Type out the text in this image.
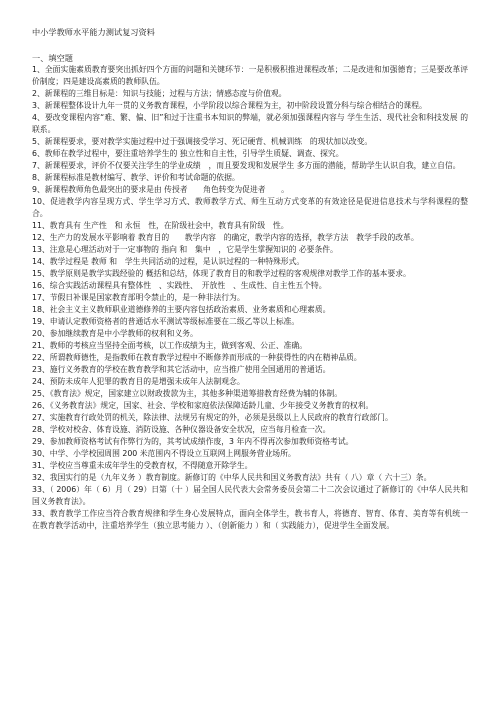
中小学教师水平能力测试复习资料

一、填空题

1、全面实施素质教育要突出抓好四个方面的问题和关键环节：一是积极积推进课程改革；二是改进和加强德育；三是要改革评价制度；四是建设高素质的教师队伍。

2、新课程的三维目标是：知识与技能；过程与方法；情感态度与价值观。

3、新课程整体设计九年一贯的义务教育课程，小学阶段以综合课程为主，初中阶段设置分科与综合相结合的课程。

4、要改变课程内容“难、繁、偏、旧”和过于注重书本知识的弊端，就必须加强课程内容与 学生生活、现代社会和科技发展 的联系。

5、新课程要求，要对教学实施过程中过于强调接受学习、死记硬背、机械训练　的现状加以改变。

6、教师在教学过程中，要注重培养学生的 独立性和自主性，引导学生质疑、调查、探究。

7、新课程要求，评价不仅要关注学生的学业成绩　，而且要发现和发展学生 多方面的潜能，帮助学生认识自我，建立自信。

8、新课程标准是教材编写、教学、评价和考试命题的依据。

9、新课程教师角色最突出的要求是由 传授者　　角色转变为促进者　　。

10、促进教学内容呈现方式、学生学习方式、教师教学方式、师生互动方式变革的有效途径是促进信息技术与学科课程的整合。

11、教育具有 生产性　和 永恒　性，在阶级社会中，教育具有阶级　性。

12、生产力的发展水平影响着 教育目的　　教学内容　的确定，教学内容的选择，教学方法　教学手段的改革。

13、注意是心理活动对于一定事物的 指向 和　集中　，它是学生掌握知识的 必要条件。

14、教学过程是 教师 和　学生共同活动的过程，是认识过程的一种特殊形式。

15、教学原则是教学实践经验的 概括和总结，体现了教育目的和教学过程的客观规律对教学工作的基本要求。

16、综合实践活动课程具有整体性　、实践性、　开放性　、生成性、自主性五个特。

17、节假日补课是国家教育部明令禁止的，是一种非法行为。

18、社会主义主义教师职业道德修养的主要内容包括政治素质、业务素质和心理素质。

19、申请认定教师资格者的普通话水平测试等级标准要在二级乙等以上标准。

20、参加继续教育是中小学教师的权利和义务。

21、教师的考核应当坚持全面考核，以工作成绩为主，做到客观、公正、准确。

22、所谓教师德性，是指教师在教育教学过程中不断修养而形成的一种获得性的内在精神品质。

23、施行义务教育的学校在教育教学和其它活动中，应当推广使用全国通用的普通话。

24、预防未成年人犯罪的教育目的是增强未成年人法制观念。

25、《教育法》规定，国家建立以财政拨款为主，其他多种渠道筹措教育经费为辅的体制。

26、《义务教育法》规定，国家、社会、学校和家庭依法保障适龄儿童、少年接受义务教育的权利。

27、实施教育行政处罚的机关，除法律、法规另有规定的外，必须是县级以上人民政府的教育行政部门。

28、学校对校舍、体育设施、消防设施、各种仪器设备安全状况，应当每月检查一次。

29、参加教师资格考试有作弊行为的，其考试成绩作废，3 年内不得再次参加教师资格考试。

30、中学、小学校园周围 200 米范围内不得设立互联网上网服务营业场所。

31、学校应当尊重未成年学生的受教育权，不得随意开除学生。

32、我国实行的是（九年义务 ）教育制度。新修订的《中华人民共和国义务教育法》共有（ 八）章（ 六十三）条。

33、（ 2006）年（ 6）月（ 29）日第（十 ）届全国人民代表大会常务委员会第二十二次会议通过了新修订的《中华人民共和国义务教育法》。

33、教育教学工作应当符合教育规律和学生身心发展特点，面向全体学生，教书育人，将德育、智育、体育、美育等有机统一在教育教学活动中，注重培养学生（独立思考能力 ）、（创新能力 ）和（ 实践能力），促进学生全面发展。
